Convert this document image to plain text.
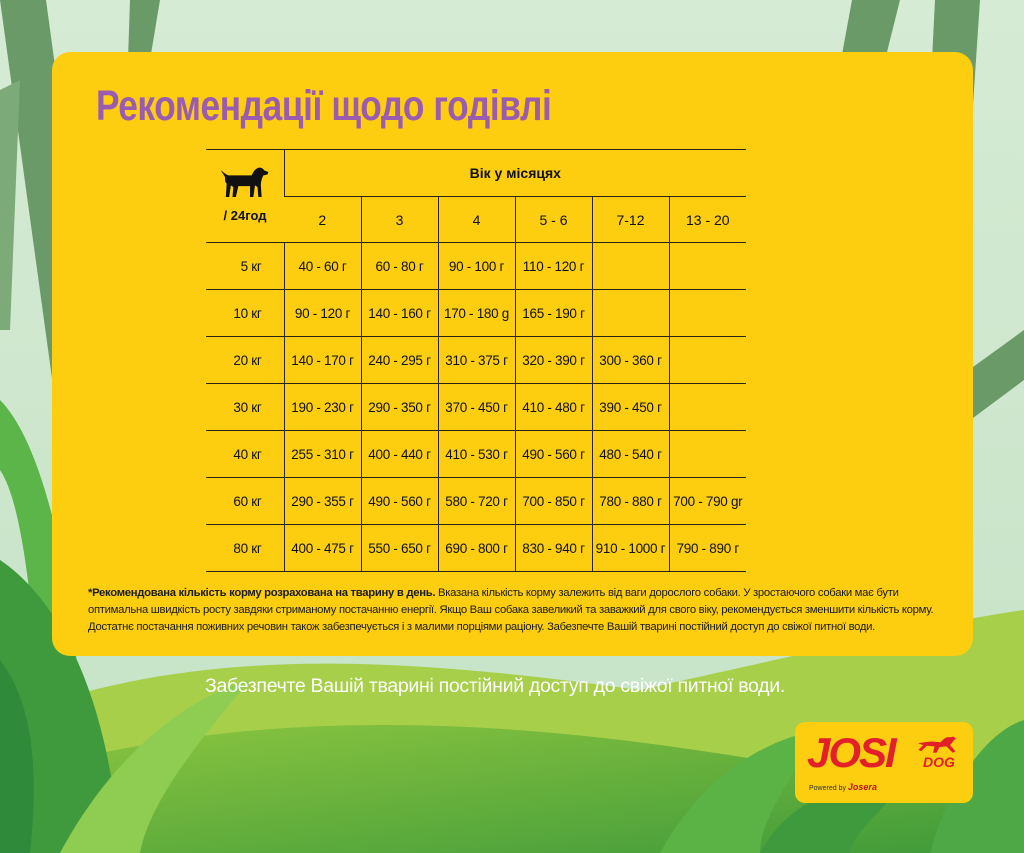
Рекомендації щодо годівлі
/ 24год	Вік у місяцях					
	2	3	4	5 - 6	7-12	13 - 20
5 кг	40 - 60 г	60 - 80 г	90 - 100 г	110 - 120 г		
10 кг	90 - 120 г	140 - 160 г	170 - 180 g	165 - 190 г		
20 кг	140 - 170 г	240 - 295 г	310 - 375 г	320 - 390 г	300 - 360 г	
30 кг	190 - 230 г	290 - 350 г	370 - 450 г	410 - 480 г	390 - 450 г	
40 кг	255 - 310 г	400 - 440 г	410 - 530 г	490 - 560 г	480 - 540 г	
60 кг	290 - 355 г	490 - 560 г	580 - 720 г	700 - 850 г	780 - 880 г	700 - 790 gr
80 кг	400 - 475 г	550 - 650 г	690 - 800 г	830 - 940 г	910 - 1000 г	790 - 890 г

*Рекомендована кількість корму розрахована на тварину в день. Вказана кількість корму залежить від ваги дорослого собаки. У зростаючого собаки має бути оптимальна швидкість росту завдяки стриманому постачанню енергії. Якщо Ваш собака завеликий та заважкий для свого віку, рекомендується зменшити кількість корму. Достатнє постачання поживних речовин також забезпечується і з малими порціями раціону. Забезпечте Вашій тварині постійний доступ до свіжої питної води.

Забезпечте Вашій тварині постійний доступ до свіжої питної води.

JOSI DOG
Powered by Josera
